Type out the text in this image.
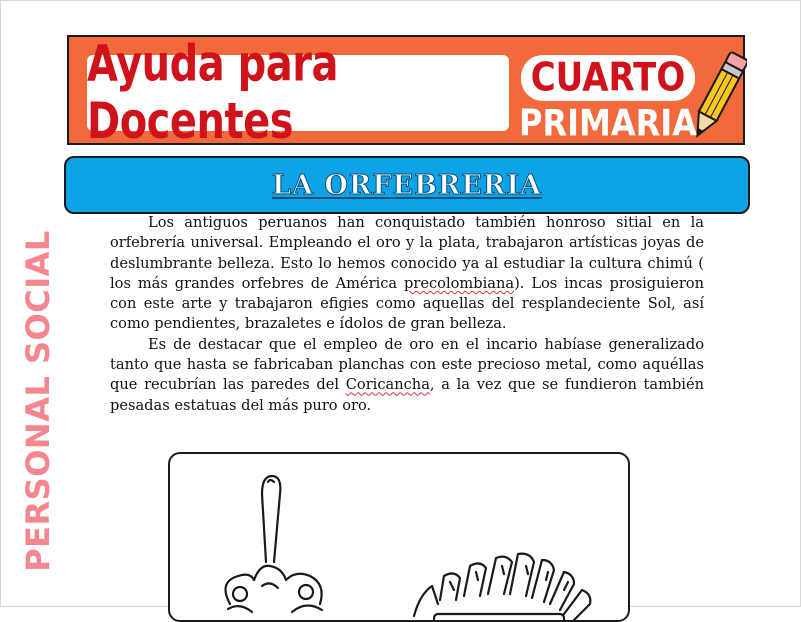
Ayuda para Docentes
CUARTO
PRIMARIA
LA ORFEBRERIA
PERSONAL SOCIAL

Los antiguos peruanos han conquistado también honroso sitial en la orfebrería universal. Empleando el oro y la plata, trabajaron artísticas joyas de deslumbrante belleza. Esto lo hemos conocido ya al estudiar la cultura chimú ( los más grandes orfebres de América precolombiana). Los incas prosiguieron con este arte y trabajaron efigies como aquellas del resplandeciente Sol, así como pendientes, brazaletes e ídolos de gran belleza.

Es de destacar que el empleo de oro en el incario habíase generalizado tanto que hasta se fabricaban planchas con este precioso metal, como aquéllas que recubrían las paredes del Coricancha, a la vez que se fundieron también pesadas estatuas del más puro oro.
